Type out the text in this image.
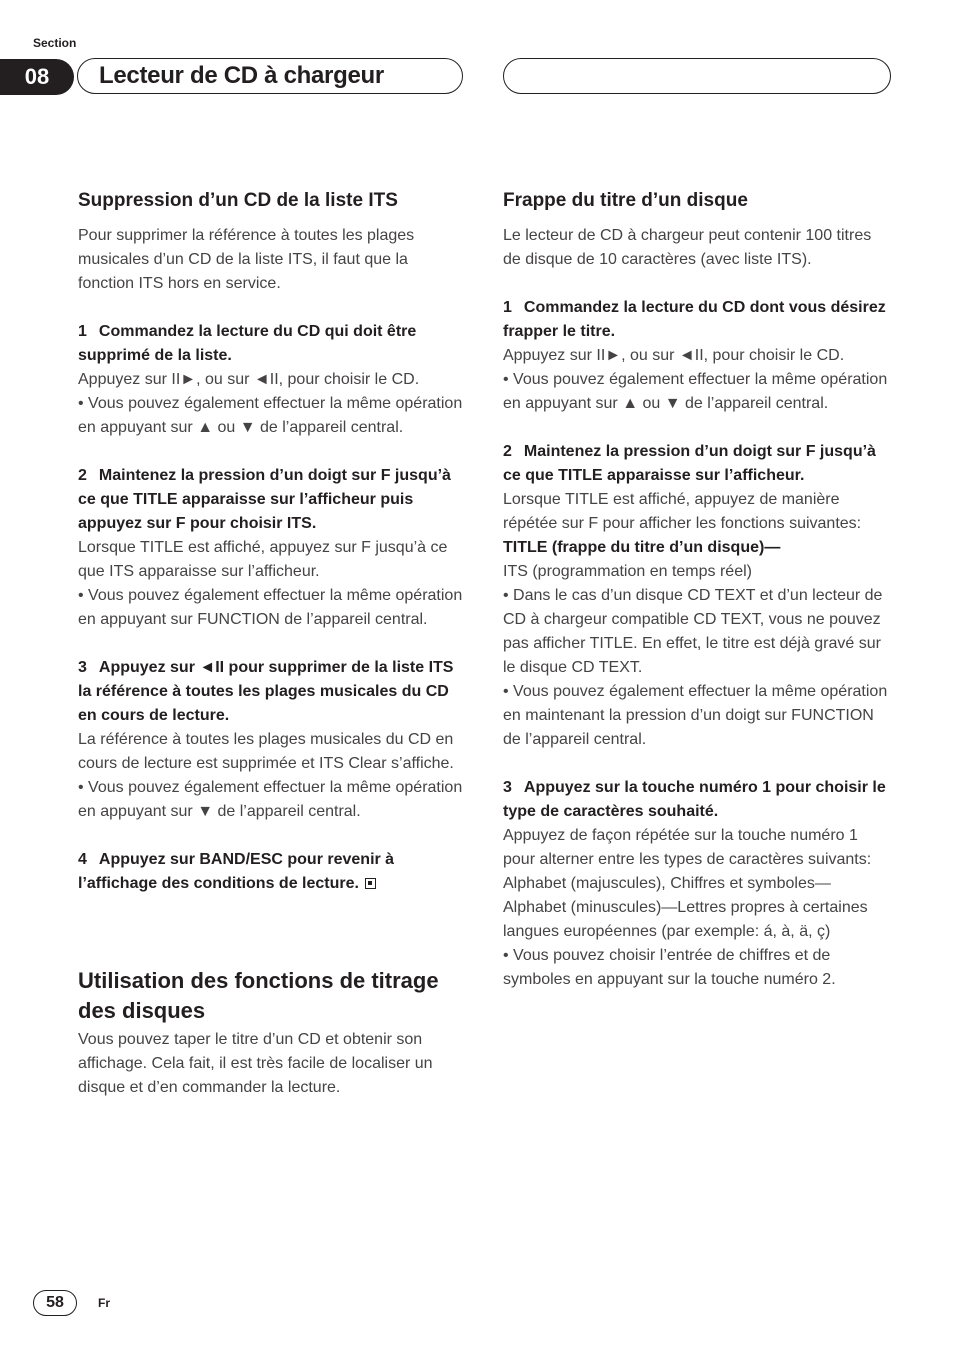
Section
08	Lecteur de CD à chargeur
Suppression d’un CD de la liste ITS

Pour supprimer la référence à toutes les plages musicales d’un CD de la liste ITS, il faut que la fonction ITS hors en service.

1 Commandez la lecture du CD qui doit être supprimé de la liste.

Appuyez sur II►, ou sur ◄II, pour choisir le CD.

• Vous pouvez également effectuer la même opération en appuyant sur ▲ ou ▼ de l’appareil central.

2 Maintenez la pression d’un doigt sur F jusqu’à ce que TITLE apparaisse sur l’afficheur puis appuyez sur F pour choisir ITS.

Lorsque TITLE est affiché, appuyez sur F jusqu’à ce que ITS apparaisse sur l’afficheur.

• Vous pouvez également effectuer la même opération en appuyant sur FUNCTION de l’appareil central.

3 Appuyez sur ◄II pour supprimer de la liste ITS la référence à toutes les plages musicales du CD en cours de lecture.

La référence à toutes les plages musicales du CD en cours de lecture est supprimée et ITS Clear s’affiche.

• Vous pouvez également effectuer la même opération en appuyant sur ▼ de l’appareil central.

4 Appuyez sur BAND/ESC pour revenir à l’affichage des conditions de lecture.
Utilisation des fonctions de titrage des disques

Vous pouvez taper le titre d’un CD et obtenir son affichage. Cela fait, il est très facile de localiser un disque et d’en commander la lecture.

Frappe du titre d’un disque

Le lecteur de CD à chargeur peut contenir 100 titres de disque de 10 caractères (avec liste ITS).

1 Commandez la lecture du CD dont vous désirez frapper le titre.

Appuyez sur II►, ou sur ◄II, pour choisir le CD.

• Vous pouvez également effectuer la même opération en appuyant sur ▲ ou ▼ de l’appareil central.

2 Maintenez la pression d’un doigt sur F jusqu’à ce que TITLE apparaisse sur l’afficheur.

Lorsque TITLE est affiché, appuyez de manière répétée sur F pour afficher les fonctions suivantes:

TITLE (frappe du titre d’un disque)—

ITS (programmation en temps réel)

• Dans le cas d’un disque CD TEXT et d’un lecteur de CD à chargeur compatible CD TEXT, vous ne pouvez pas afficher TITLE. En effet, le titre est déjà gravé sur le disque CD TEXT.

• Vous pouvez également effectuer la même opération en maintenant la pression d’un doigt sur FUNCTION de l’appareil central.

3 Appuyez sur la touche numéro 1 pour choisir le type de caractères souhaité.

Appuyez de façon répétée sur la touche numéro 1 pour alterner entre les types de caractères suivants:

Alphabet (majuscules), Chiffres et symboles—Alphabet (minuscules)—Lettres propres à certaines langues européennes (par exemple: á, à, ä, ç)

• Vous pouvez choisir l’entrée de chiffres et de symboles en appuyant sur la touche numéro 2.

58	Fr
